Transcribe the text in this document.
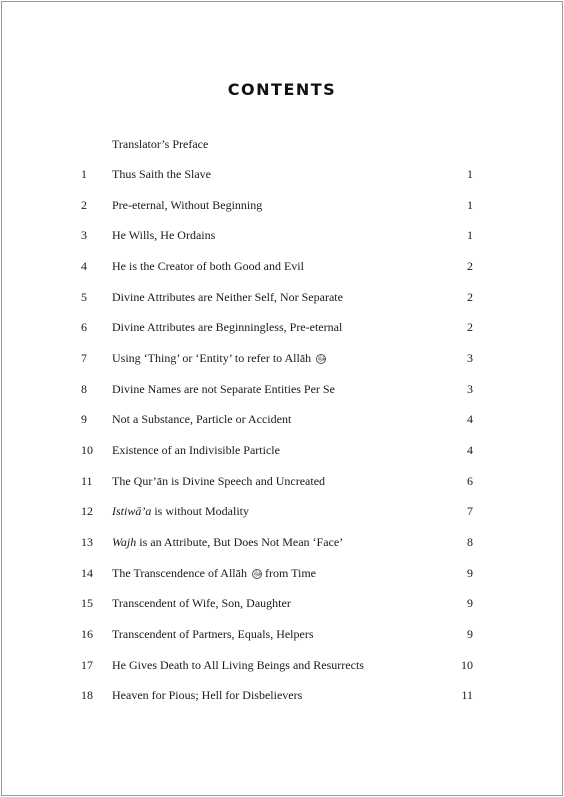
CONTENTS
Translator’s Preface
1 Thus Saith the Slave	1
2 Pre-eternal, Without Beginning	1
3 He Wills, He Ordains	1
4 He is the Creator of both Good and Evil	2
5 Divine Attributes are Neither Self, Nor Separate	2
6 Divine Attributes are Beginningless, Pre-eternal	2
7 Using ‘Thing’ or ‘Entity’ to refer to Allāh ﷻ	3
8 Divine Names are not Separate Entities Per Se	3
9 Not a Substance, Particle or Accident	4
10 Existence of an Indivisible Particle	4
11 The Qur’ān is Divine Speech and Uncreated	6
12 Istiwā’a is without Modality	7
13 Wajh is an Attribute, But Does Not Mean ‘Face’	8
14 The Transcendence of Allāh ﷻ from Time	9
15 Transcendent of Wife, Son, Daughter	9
16 Transcendent of Partners, Equals, Helpers	9
17 He Gives Death to All Living Beings and Resurrects	10
18 Heaven for Pious; Hell for Disbelievers	11
